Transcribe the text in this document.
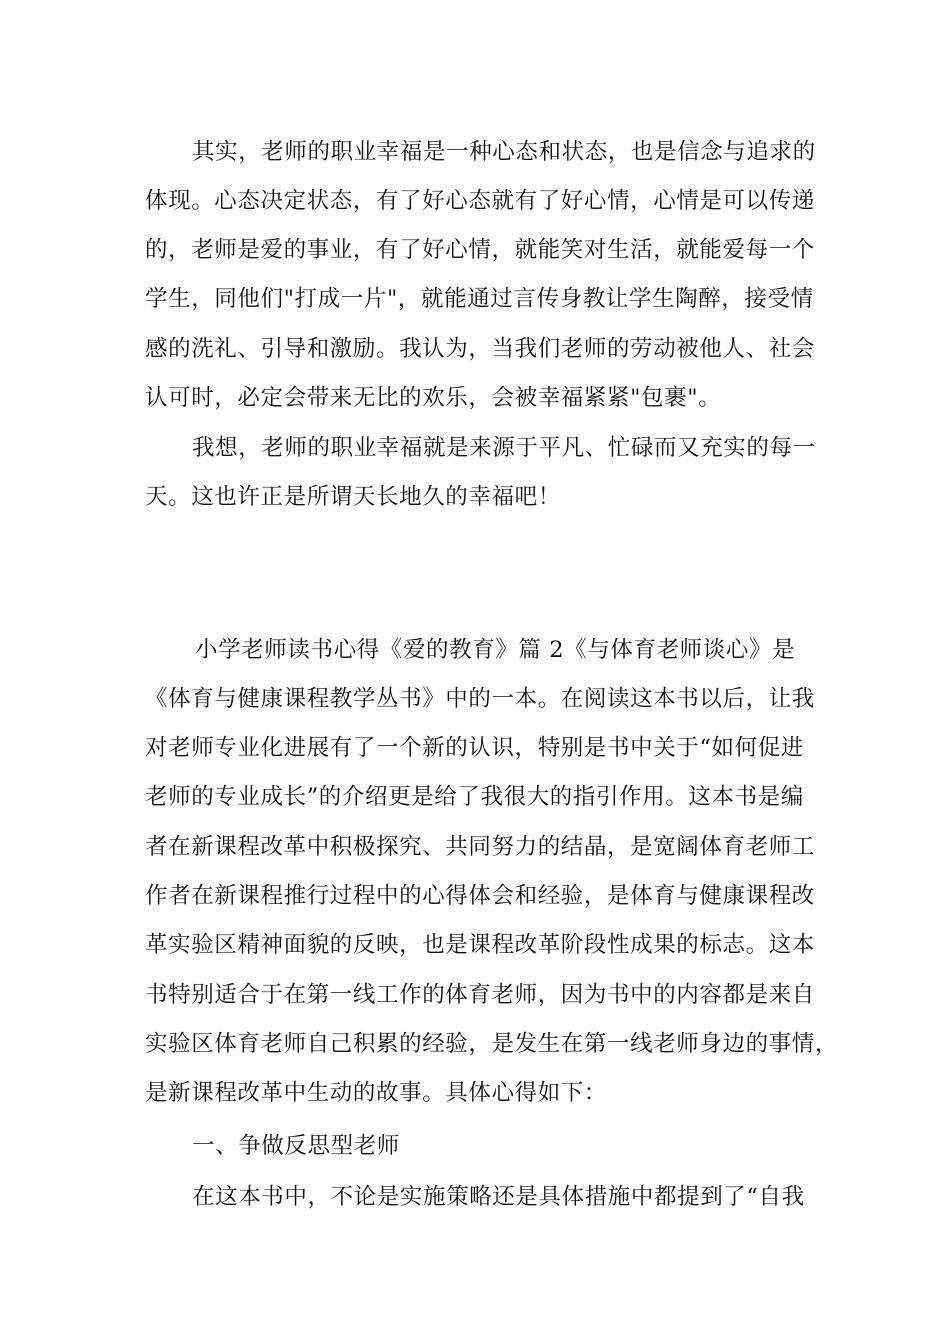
其实，老师的职业幸福是一种心态和状态，也是信念与追求的
体现。心态决定状态，有了好心态就有了好心情，心情是可以传递
的，老师是爱的事业，有了好心情，就能笑对生活，就能爱每一个
学生，同他们"打成一片"，就能通过言传身教让学生陶醉，接受情
感的洗礼、引导和激励。我认为，当我们老师的劳动被他人、社会
认可时，必定会带来无比的欢乐，会被幸福紧紧"包裹"。
我想，老师的职业幸福就是来源于平凡、忙碌而又充实的每一
天。这也许正是所谓天长地久的幸福吧！
小学老师读书心得《爱的教育》篇 2《与体育老师谈心》是
《体育与健康课程教学丛书》中的一本。在阅读这本书以后，让我
对老师专业化进展有了一个新的认识，特别是书中关于“如何促进
老师的专业成长”的介绍更是给了我很大的指引作用。这本书是编
者在新课程改革中积极探究、共同努力的结晶，是宽阔体育老师工
作者在新课程推行过程中的心得体会和经验，是体育与健康课程改
革实验区精神面貌的反映，也是课程改革阶段性成果的标志。这本
书特别适合于在第一线工作的体育老师，因为书中的内容都是来自
实验区体育老师自己积累的经验，是发生在第一线老师身边的事情，
是新课程改革中生动的故事。具体心得如下：
一、争做反思型老师
在这本书中，不论是实施策略还是具体措施中都提到了“自我
